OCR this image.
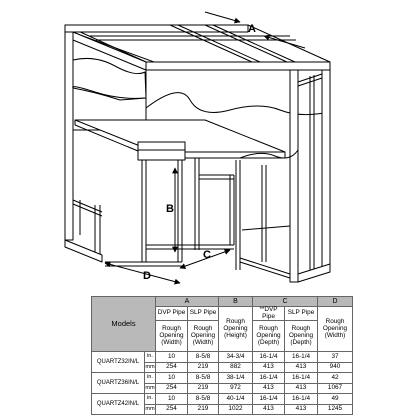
A
B
C
D
Models		A		B	C		D
		DVP Pipe	SLP Pipe	Rough Opening (Height)	**DVP Pipe	SLP Pipe	Rough Opening (Width)
		Rough Opening (Width)	Rough Opening (Width)		Rough Opening (Depth)	Rough Opening (Depth)	
QUARTZ32IN/L	in.	10	8-5/8	34-3/4	16-1/4	16-1/4	37
	mm	254	219	882	413	413	940
QUARTZ36IN/L	in.	10	8-5/8	38-1/4	16-1/4	16-1/4	42
	mm	254	219	972	413	413	1067
QUARTZ42IN/L	in.	10	8-5/8	40-1/4	16-1/4	16-1/4	49
	mm	254	219	1022	413	413	1245
